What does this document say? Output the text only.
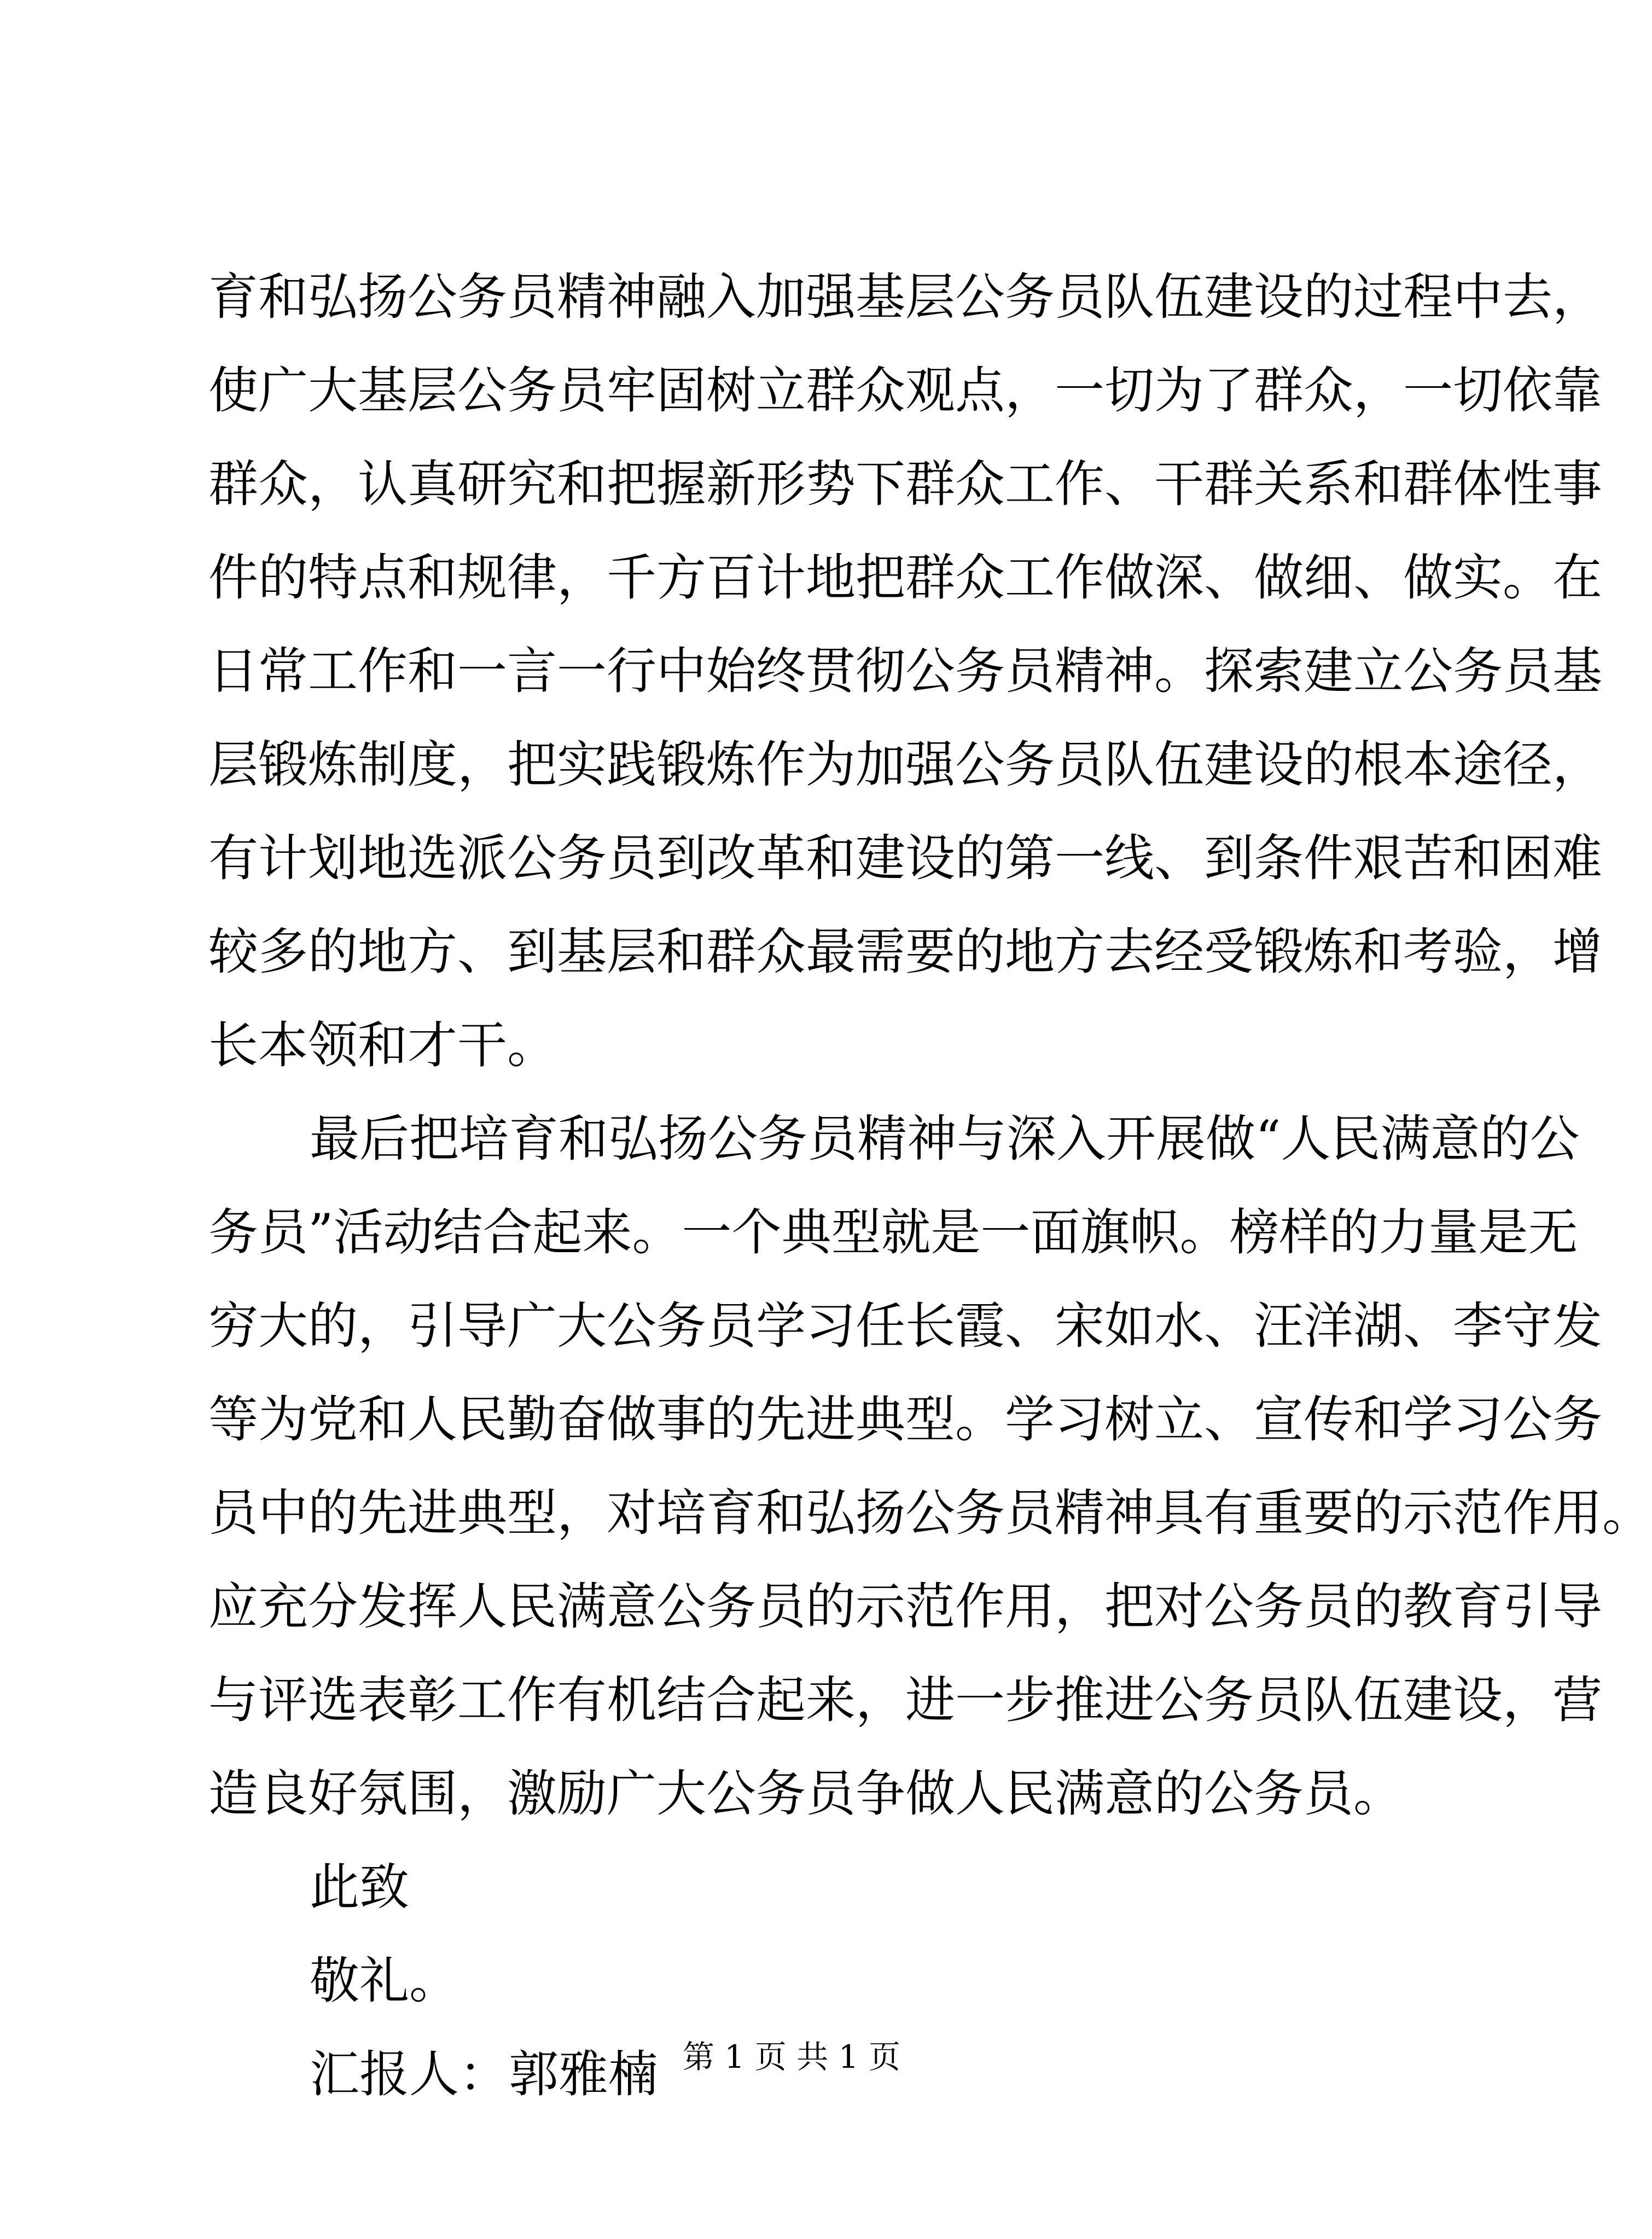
育和弘扬公务员精神融入加强基层公务员队伍建设的过程中去，
使广大基层公务员牢固树立群众观点，一切为了群众，一切依靠
群众，认真研究和把握新形势下群众工作、干群关系和群体性事
件的特点和规律，千方百计地把群众工作做深、做细、做实。在
日常工作和一言一行中始终贯彻公务员精神。探索建立公务员基
层锻炼制度，把实践锻炼作为加强公务员队伍建设的根本途径，
有计划地选派公务员到改革和建设的第一线、到条件艰苦和困难
较多的地方、到基层和群众最需要的地方去经受锻炼和考验，增
长本领和才干。
最后把培育和弘扬公务员精神与深入开展做“人民满意的公
务员”活动结合起来。一个典型就是一面旗帜。榜样的力量是无
穷大的，引导广大公务员学习任长霞、宋如水、汪洋湖、李守发
等为党和人民勤奋做事的先进典型。学习树立、宣传和学习公务
员中的先进典型，对培育和弘扬公务员精神具有重要的示范作用。
应充分发挥人民满意公务员的示范作用，把对公务员的教育引导
与评选表彰工作有机结合起来，进一步推进公务员队伍建设，营
造良好氛围，激励广大公务员争做人民满意的公务员。
此致
敬礼。
汇报人：郭雅楠 第 1 页 共 1 页
